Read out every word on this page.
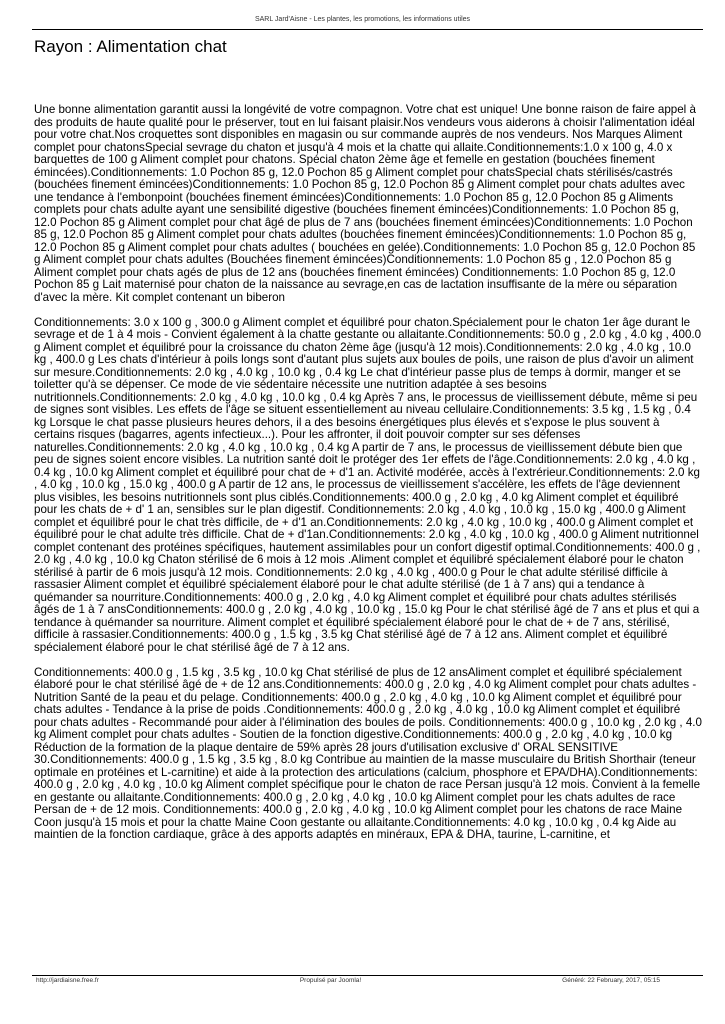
SARL Jard'Aisne - Les plantes, les promotions, les informations utiles
Rayon : Alimentation chat

Une bonne alimentation garantit aussi la longévité de votre compagnon. Votre chat est unique! Une bonne raison de faire appel à des produits de haute qualité pour le préserver, tout en lui faisant plaisir.Nos vendeurs vous aiderons à choisir l'alimentation idéal pour votre chat.Nos croquettes sont disponibles en magasin ou sur commande auprès de nos vendeurs. Nos Marques Aliment complet pour chatonsSpecial sevrage du chaton et jusqu'à 4 mois et la chatte qui allaite.Conditionnements:1.0 x 100 g, 4.0 x barquettes de 100 g Aliment complet pour chatons. Spécial chaton 2ème âge et femelle en gestation (bouchées finement émincées).Conditionnements: 1.0 Pochon 85 g, 12.0 Pochon 85 g Aliment complet pour chatsSpecial chats stérilisés/castrés (bouchées finement émincées)Conditionnements: 1.0 Pochon 85 g, 12.0 Pochon 85 g Aliment complet pour chats adultes avec une tendance à l'embonpoint (bouchées finement émincées)Conditionnements: 1.0 Pochon 85 g, 12.0 Pochon 85 g Aliments complets pour chats adulte ayant une sensibilité digestive (bouchées finement émincées)Conditionnements: 1.0 Pochon 85 g, 12.0 Pochon 85 g Aliment complet pour chat âgé de plus de 7 ans (bouchées finement émincées)Conditionnements: 1.0 Pochon 85 g, 12.0 Pochon 85 g Aliment complet pour chats adultes (bouchées finement émincées)Conditionnements: 1.0 Pochon 85 g, 12.0 Pochon 85 g Aliment complet pour chats adultes ( bouchées en gelée).Conditionnements: 1.0 Pochon 85 g, 12.0 Pochon 85 g Aliment complet pour chats adultes (Bouchées finement émincées)Conditionnements: 1.0 Pochon 85 g , 12.0 Pochon 85 g Aliment complet pour chats agés de plus de 12 ans (bouchées finement émincées) Conditionnements: 1.0 Pochon 85 g, 12.0 Pochon 85 g Lait maternisé pour chaton de la naissance au sevrage,en cas de lactation insuffisante de la mère ou séparation d'avec la mère. Kit complet contenant un biberon

Conditionnements: 3.0 x 100 g , 300.0 g Aliment complet et équilibré pour chaton.Spécialement pour le chaton 1er âge durant le sevrage et de 1 à 4 mois - Convient également à la chatte gestante ou allaitante.Conditionnements: 50.0 g , 2.0 kg , 4.0 kg , 400.0 g Aliment complet et équilibré pour la croissance du chaton 2ème âge (jusqu'à 12 mois).Conditionnements: 2.0 kg , 4.0 kg , 10.0 kg , 400.0 g Les chats d'intérieur à poils longs sont d'autant plus sujets aux boules de poils, une raison de plus d'avoir un aliment sur mesure.Conditionnements: 2.0 kg , 4.0 kg , 10.0 kg , 0.4 kg Le chat d'intérieur passe plus de temps à dormir, manger et se toiletter qu'à se dépenser. Ce mode de vie sédentaire nécessite une nutrition adaptée à ses besoins nutritionnels.Conditionnements: 2.0 kg , 4.0 kg , 10.0 kg , 0.4 kg Après 7 ans, le processus de vieillissement débute, même si peu de signes sont visibles. Les effets de l'âge se situent essentiellement au niveau cellulaire.Conditionnements: 3.5 kg , 1.5 kg , 0.4 kg Lorsque le chat passe plusieurs heures dehors, il a des besoins énergétiques plus élevés et s'expose le plus souvent à certains risques (bagarres, agents infectieux...). Pour les affronter, il doit pouvoir compter sur ses défenses naturelles.Conditionnements: 2.0 kg , 4.0 kg , 10.0 kg , 0.4 kg A partir de 7 ans, le processus de vieillissement débute bien que peu de signes soient encore visibles. La nutrition santé doit le protéger des 1er effets de l'âge.Conditionnements: 2.0 kg , 4.0 kg , 0.4 kg , 10.0 kg Aliment complet et équilibré pour chat de + d'1 an. Activité modérée, accès à l'extrérieur.Conditionnements: 2.0 kg , 4.0 kg , 10.0 kg , 15.0 kg , 400.0 g A partir de 12 ans, le processus de vieillissement s'accélère, les effets de l'âge deviennent plus visibles, les besoins nutritionnels sont plus ciblés.Conditionnements: 400.0 g , 2.0 kg , 4.0 kg Aliment complet et équilibré pour les chats de + d' 1 an, sensibles sur le plan digestif. Conditionnements: 2.0 kg , 4.0 kg , 10.0 kg , 15.0 kg , 400.0 g Aliment complet et équilibré pour le chat très difficile, de + d'1 an.Conditionnements: 2.0 kg , 4.0 kg , 10.0 kg , 400.0 g Aliment complet et équilibré pour le chat adulte très difficile. Chat de + d'1an.Conditionnements: 2.0 kg , 4.0 kg , 10.0 kg , 400.0 g Aliment nutritionnel complet contenant des protéines spécifiques, hautement assimilables pour un confort digestif optimal.Conditionnements: 400.0 g , 2.0 kg , 4.0 kg , 10.0 kg Chaton stérilisé de 6 mois à 12 mois .Aliment complet et équilibré spécialement élaboré pour le chaton stérilisé à partir de 6 mois jusqu'à 12 mois. Conditionnements: 2.0 kg , 4.0 kg , 400.0 g Pour le chat adulte stérilisé difficile à rassasier Aliment complet et équilibré spécialement élaboré pour le chat adulte stérilisé (de 1 à 7 ans) qui a tendance à quémander sa nourriture.Conditionnements: 400.0 g , 2.0 kg , 4.0 kg Aliment complet et équilibré pour chats adultes stérilisés âgés de 1 à 7 ansConditionnements: 400.0 g , 2.0 kg , 4.0 kg , 10.0 kg , 15.0 kg Pour le chat stérilisé âgé de 7 ans et plus et qui a tendance à quémander sa nourriture. Aliment complet et équilibré spécialement élaboré pour le chat de + de 7 ans, stérilisé, difficile à rassasier.Conditionnements: 400.0 g , 1.5 kg , 3.5 kg Chat stérilisé âgé de 7 à 12 ans. Aliment complet et équilibré spécialement élaboré pour le chat stérilisé âgé de 7 à 12 ans.

Conditionnements: 400.0 g , 1.5 kg , 3.5 kg , 10.0 kg Chat stérilisé de plus de 12 ansAliment complet et équilibré spécialement élaboré pour le chat stérilisé âgé de + de 12 ans.Conditionnements: 400.0 g , 2.0 kg , 4.0 kg Aliment complet pour chats adultes - Nutrition Santé de la peau et du pelage. Conditionnements: 400.0 g , 2.0 kg , 4.0 kg , 10.0 kg Aliment complet et équilibré pour chats adultes - Tendance à la prise de poids .Conditionnements: 400.0 g , 2.0 kg , 4.0 kg , 10.0 kg Aliment complet et équilibré pour chats adultes - Recommandé pour aider à l'élimination des boules de poils. Conditionnements: 400.0 g , 10.0 kg , 2.0 kg , 4.0 kg Aliment complet pour chats adultes - Soutien de la fonction digestive.Conditionnements: 400.0 g , 2.0 kg , 4.0 kg , 10.0 kg Réduction de la formation de la plaque dentaire de 59% après 28 jours d'utilisation exclusive d' ORAL SENSITIVE 30.Conditionnements: 400.0 g , 1.5 kg , 3.5 kg , 8.0 kg Contribue au maintien de la masse musculaire du British Shorthair (teneur optimale en protéines et L-carnitine) et aide à la protection des articulations (calcium, phosphore et EPA/DHA).Conditionnements: 400.0 g , 2.0 kg , 4.0 kg , 10.0 kg Aliment complet spécifique pour le chaton de race Persan jusqu'à 12 mois. Convient à la femelle en gestante ou allaitante.Conditionnements: 400.0 g , 2.0 kg , 4.0 kg , 10.0 kg Aliment complet pour les chats adultes de race Persan de + de 12 mois. Conditionnements: 400.0 g , 2.0 kg , 4.0 kg , 10.0 kg Aliment complet pour les chatons de race Maine Coon jusqu'à 15 mois et pour la chatte Maine Coon gestante ou allaitante.Conditionnements: 4.0 kg , 10.0 kg , 0.4 kg Aide au maintien de la fonction cardiaque, grâce à des apports adaptés en minéraux, EPA & DHA, taurine, L-carnitine, et

http://jardiaisne.free.fr	Propulsé par Joomla!	Généré: 22 February, 2017, 05:15
